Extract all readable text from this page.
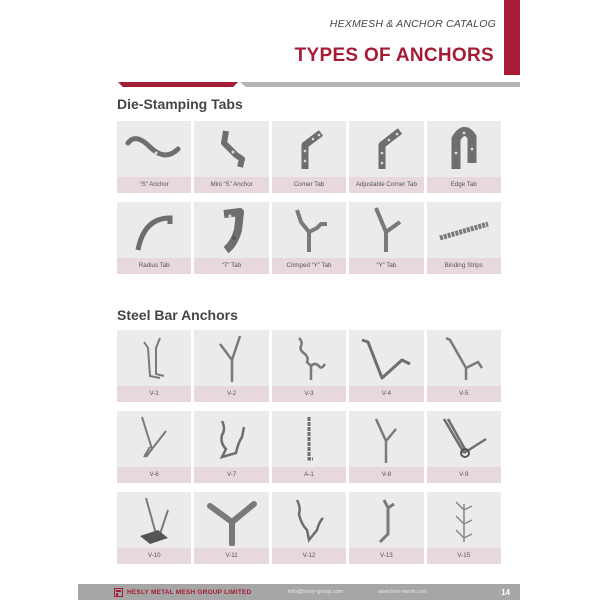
HEXMESH & ANCHOR CATALOG
TYPES OF ANCHORS
Die-Stamping Tabs
“S” Anchor	Mini “S” Anchor	Corner Tab	Adjustable Corner Tab	Edge Tab
Radius Tab	“7” Tab	Crimped “Y” Tab	“Y” Tab	Binding Strips
Steel Bar Anchors
V-1	V-2	V-3	V-4	V-5
V-6	V-7	A-1	V-8	V-9
V-10	V-11	V-12	V-13	V-15
HESLY METAL MESH GROUP LIMITED	info@hesly-group.com	www.hex-mesh.com	14
